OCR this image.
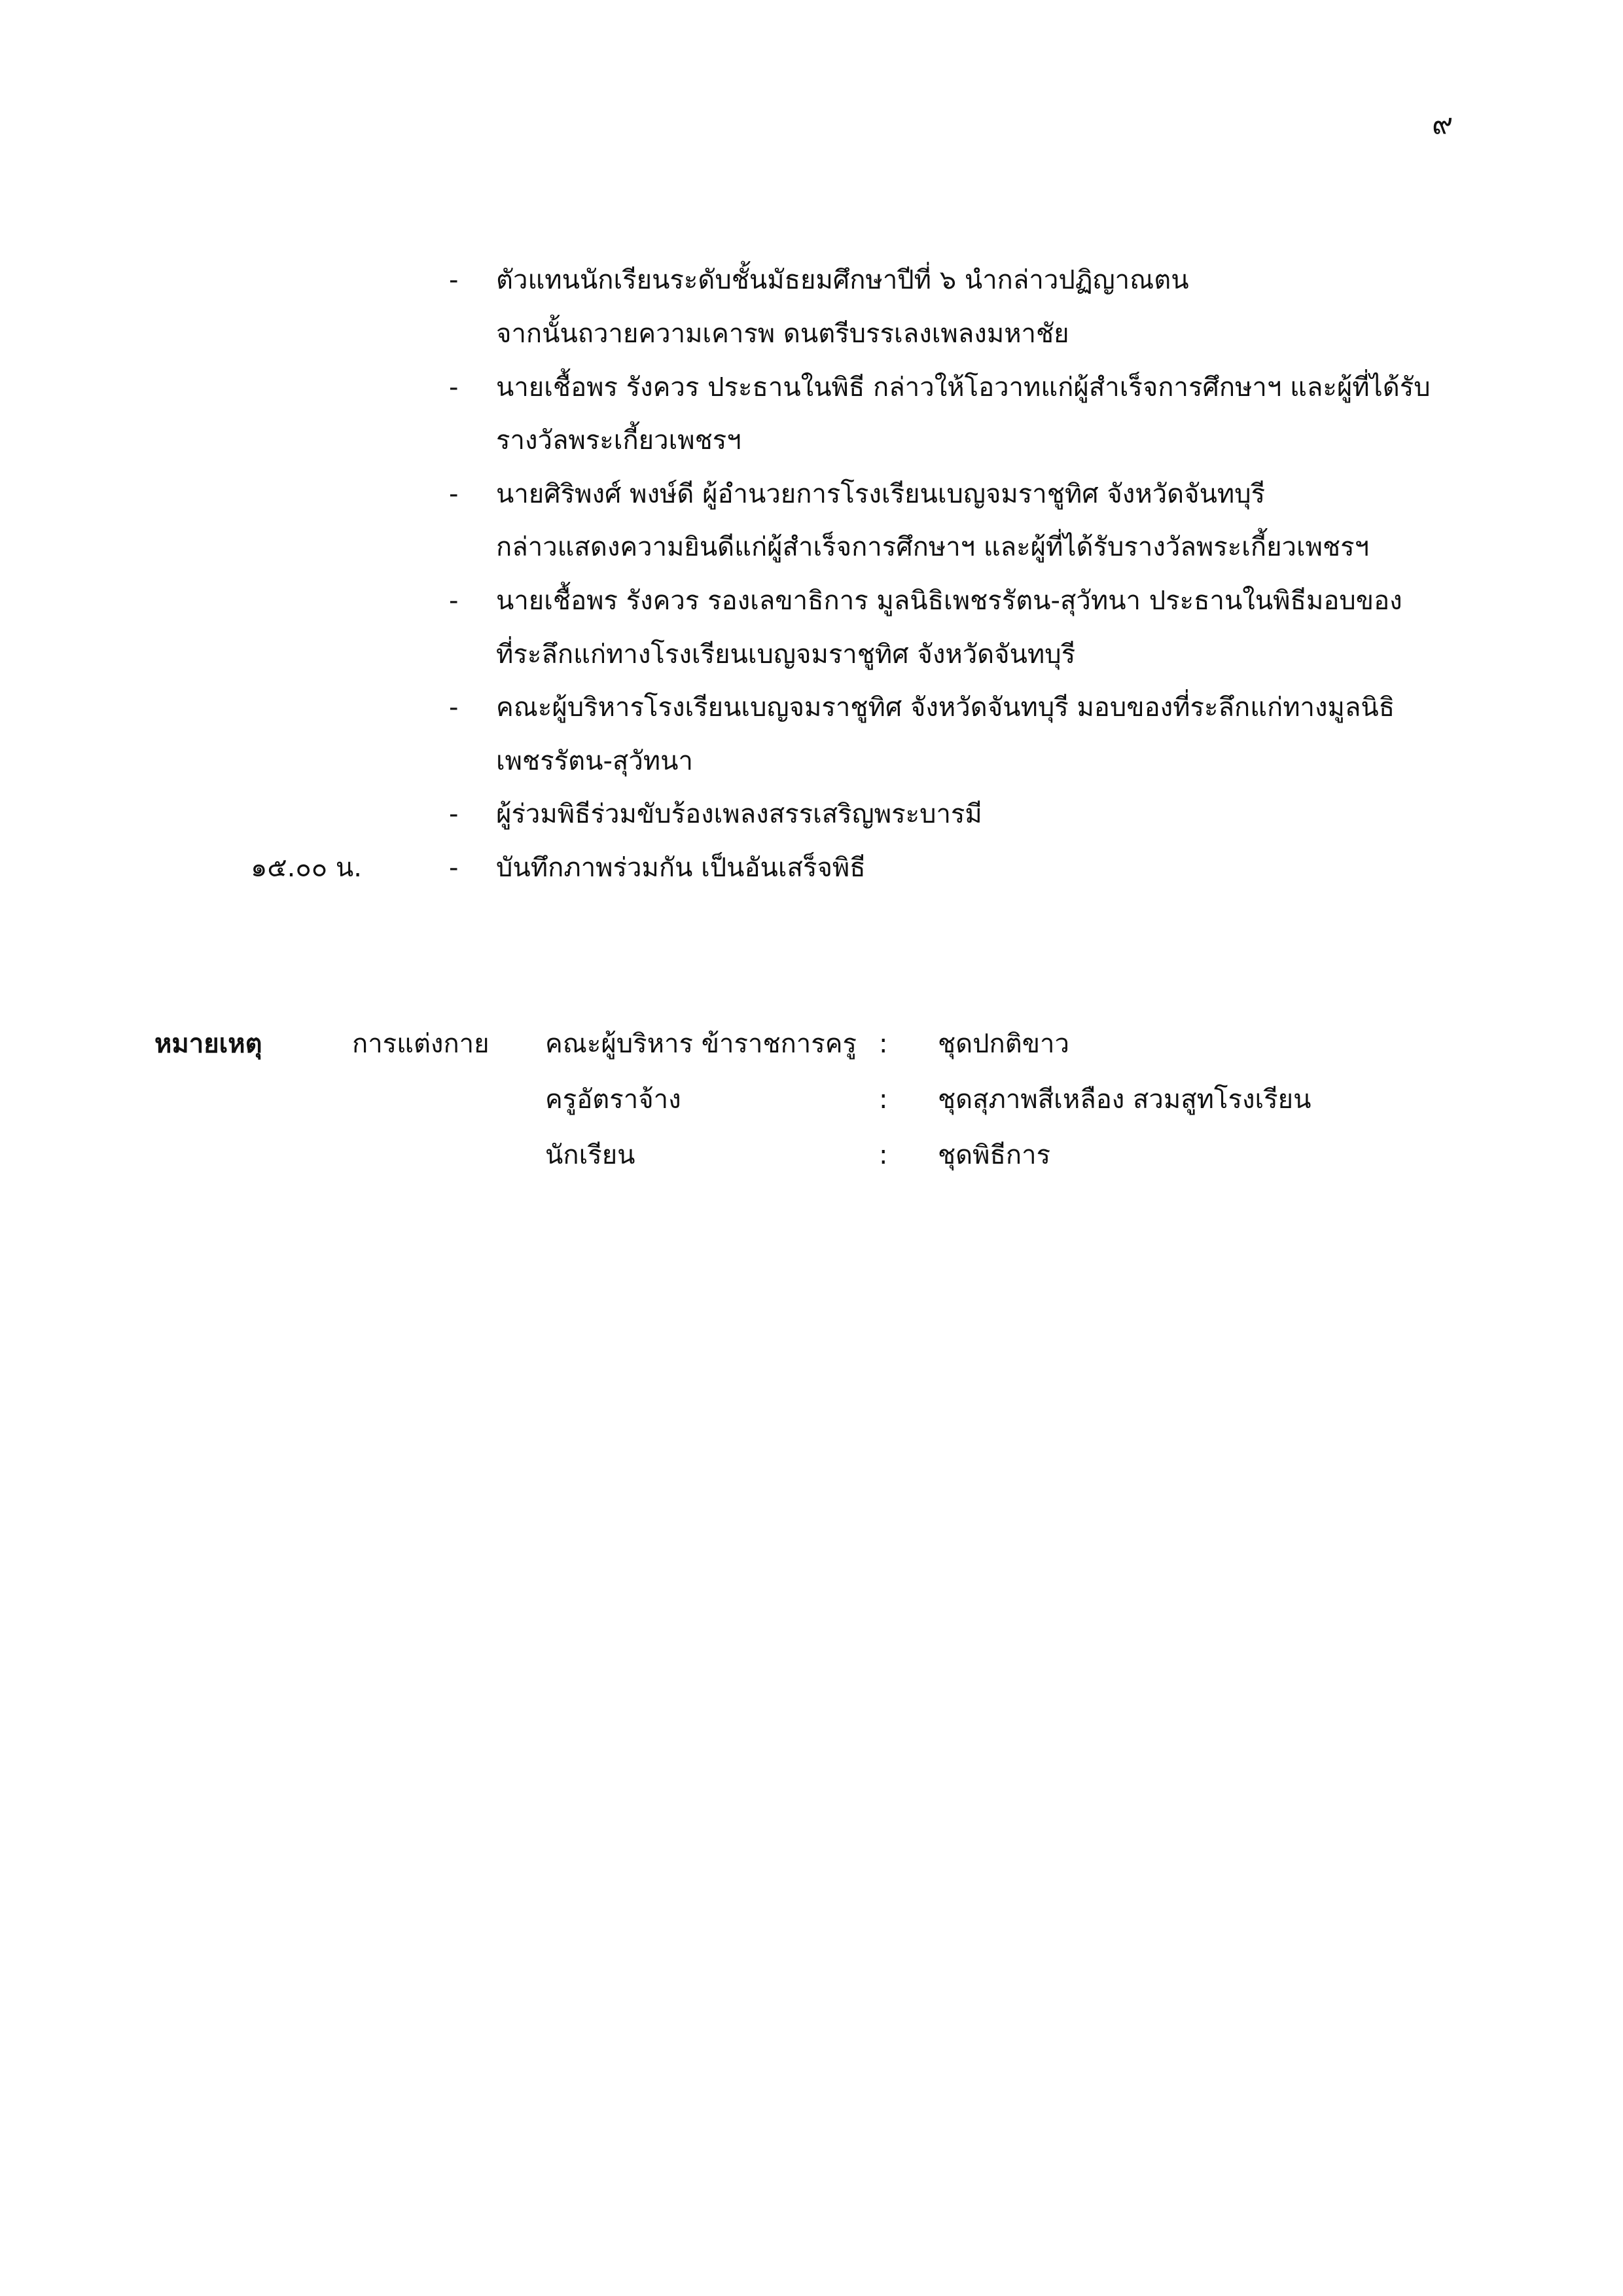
๙
- ตัวแทนนักเรียนระดับชั้นมัธยมศึกษาปีที่ ๖ นำกล่าวปฏิญาณตน
จากนั้นถวายความเคารพ ดนตรีบรรเลงเพลงมหาชัย
- นายเชื้อพร รังควร ประธานในพิธี กล่าวให้โอวาทแก่ผู้สำเร็จการศึกษาฯ และผู้ที่ได้รับ
รางวัลพระเกี้ยวเพชรฯ
- นายศิริพงศ์ พงษ์ดี ผู้อำนวยการโรงเรียนเบญจมราชูทิศ จังหวัดจันทบุรี
กล่าวแสดงความยินดีแก่ผู้สำเร็จการศึกษาฯ และผู้ที่ได้รับรางวัลพระเกี้ยวเพชรฯ
- นายเชื้อพร รังควร รองเลขาธิการ มูลนิธิเพชรรัตน-สุวัทนา ประธานในพิธีมอบของ
ที่ระลึกแก่ทางโรงเรียนเบญจมราชูทิศ จังหวัดจันทบุรี
- คณะผู้บริหารโรงเรียนเบญจมราชูทิศ จังหวัดจันทบุรี มอบของที่ระลึกแก่ทางมูลนิธิ
เพชรรัตน-สุวัทนา
- ผู้ร่วมพิธีร่วมขับร้องเพลงสรรเสริญพระบารมี
๑๕.๐๐ น.	- บันทึกภาพร่วมกัน เป็นอันเสร็จพิธี
หมายเหตุ	การแต่งกาย คณะผู้บริหาร ข้าราชการครู : ชุดปกติขาว
ครูอัตราจ้าง	: ชุดสุภาพสีเหลือง สวมสูทโรงเรียน
นักเรียน	: ชุดพิธีการ
